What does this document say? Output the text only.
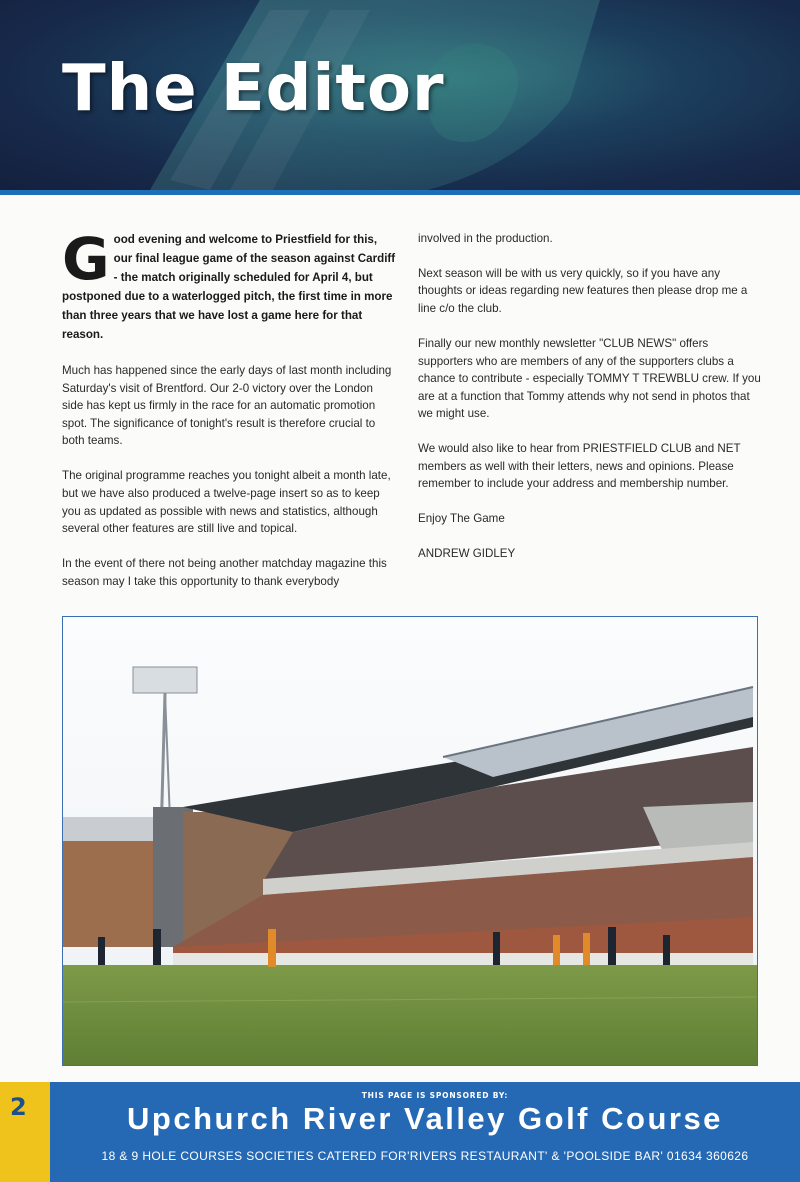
The Editor

Good evening and welcome to Priestfield for this, our final league game of the season against Cardiff - the match originally scheduled for April 4, but postponed due to a waterlogged pitch, the first time in more than three years that we have lost a game here for that reason.

Much has happened since the early days of last month including Saturday's visit of Brentford. Our 2-0 victory over the London side has kept us firmly in the race for an automatic promotion spot. The significance of tonight's result is therefore crucial to both teams.

The original programme reaches you tonight albeit a month late, but we have also produced a twelve-page insert so as to keep you as updated as possible with news and statistics, although several other features are still live and topical.

In the event of there not being another matchday magazine this season may I take this opportunity to thank everybody

involved in the production.

Next season will be with us very quickly, so if you have any thoughts or ideas regarding new features then please drop me a line c/o the club.

Finally our new monthly newsletter "CLUB NEWS" offers supporters who are members of any of the supporters clubs a chance to contribute - especially TOMMY T TREWBLU crew. If you are at a function that Tommy attends why not send in photos that we might use.

We would also like to hear from PRIESTFIELD CLUB and NET members as well with their letters, news and opinions. Please remember to include your address and membership number.

Enjoy The Game

ANDREW GIDLEY

2	THIS PAGE IS SPONSORED BY:
Upchurch River Valley Golf Course
18 & 9 HOLE COURSES SOCIETIES CATERED FOR'RIVERS RESTAURANT' & 'POOLSIDE BAR' 01634 360626
